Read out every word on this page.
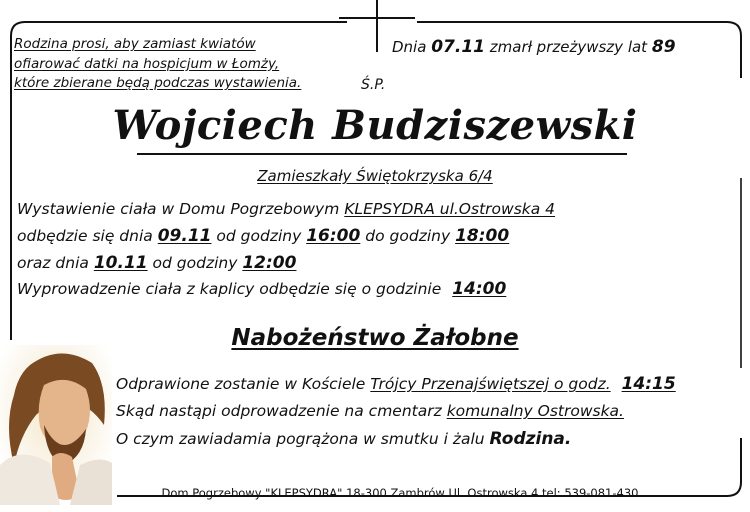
Rodzina prosi, aby zamiast kwiatów
ofiarować datki na hospicjum w Łomży,
które zbierane będą podczas wystawienia.
Dnia 07.11 zmarł przeżywszy lat 89
Ś.P.
Wojciech Budziszewski
Zamieszkały Świętokrzyska 6/4
Wystawienie ciała w Domu Pogrzebowym KLEPSYDRA ul.Ostrowska 4
odbędzie się dnia 09.11 od godziny 16:00 do godziny 18:00
oraz dnia 10.11 od godziny 12:00
Wyprowadzenie ciała z kaplicy odbędzie się o godzinie 14:00
Nabożeństwo Żałobne
Odprawione zostanie w Kościele Trójcy Przenajświętszej o godz. 14:15
Skąd nastąpi odprowadzenie na cmentarz komunalny Ostrowska.
O czym zawiadamia pogrążona w smutku i żalu Rodzina.
Dom Pogrzebowy "KLEPSYDRA" 18-300 Zambrów Ul. Ostrowska 4 tel: 539-081-430
